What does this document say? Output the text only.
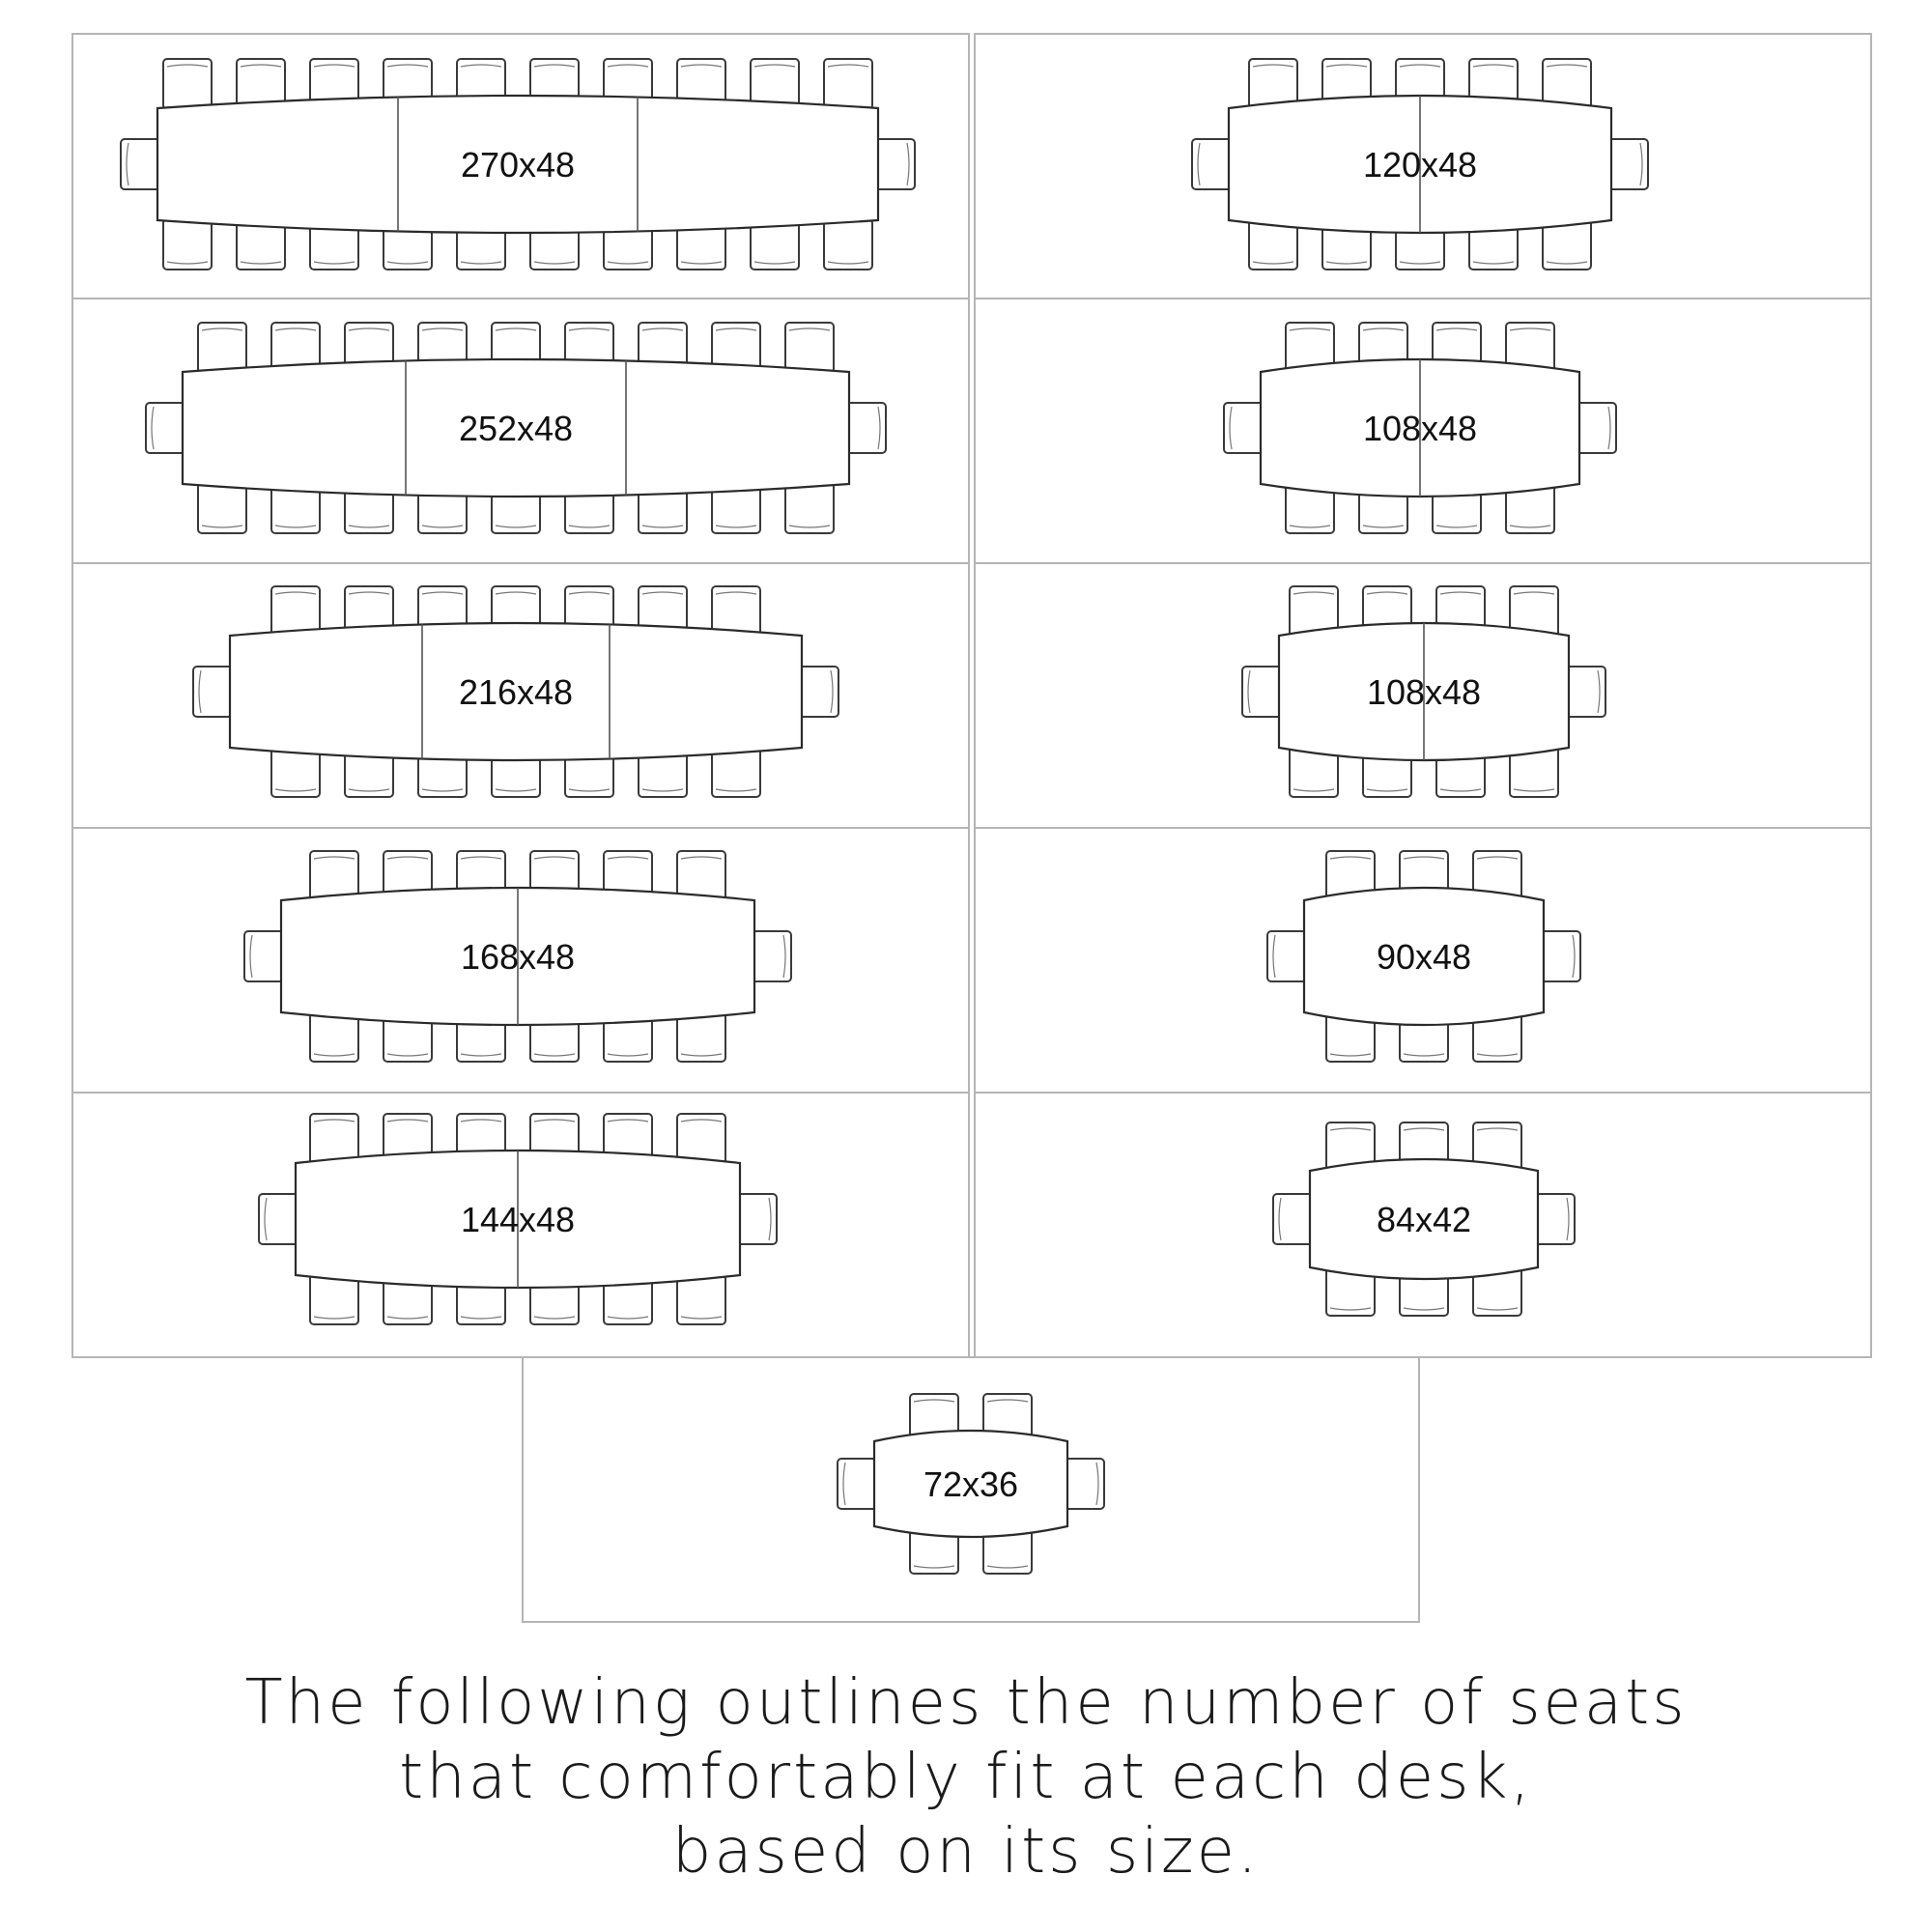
270x48	120x48
252x48	108x48
216x48	108x48
168x48	90x48
144x48	84x42
72x36
The following outlines the number of seats
that comfortably fit at each desk,
based on its size.
